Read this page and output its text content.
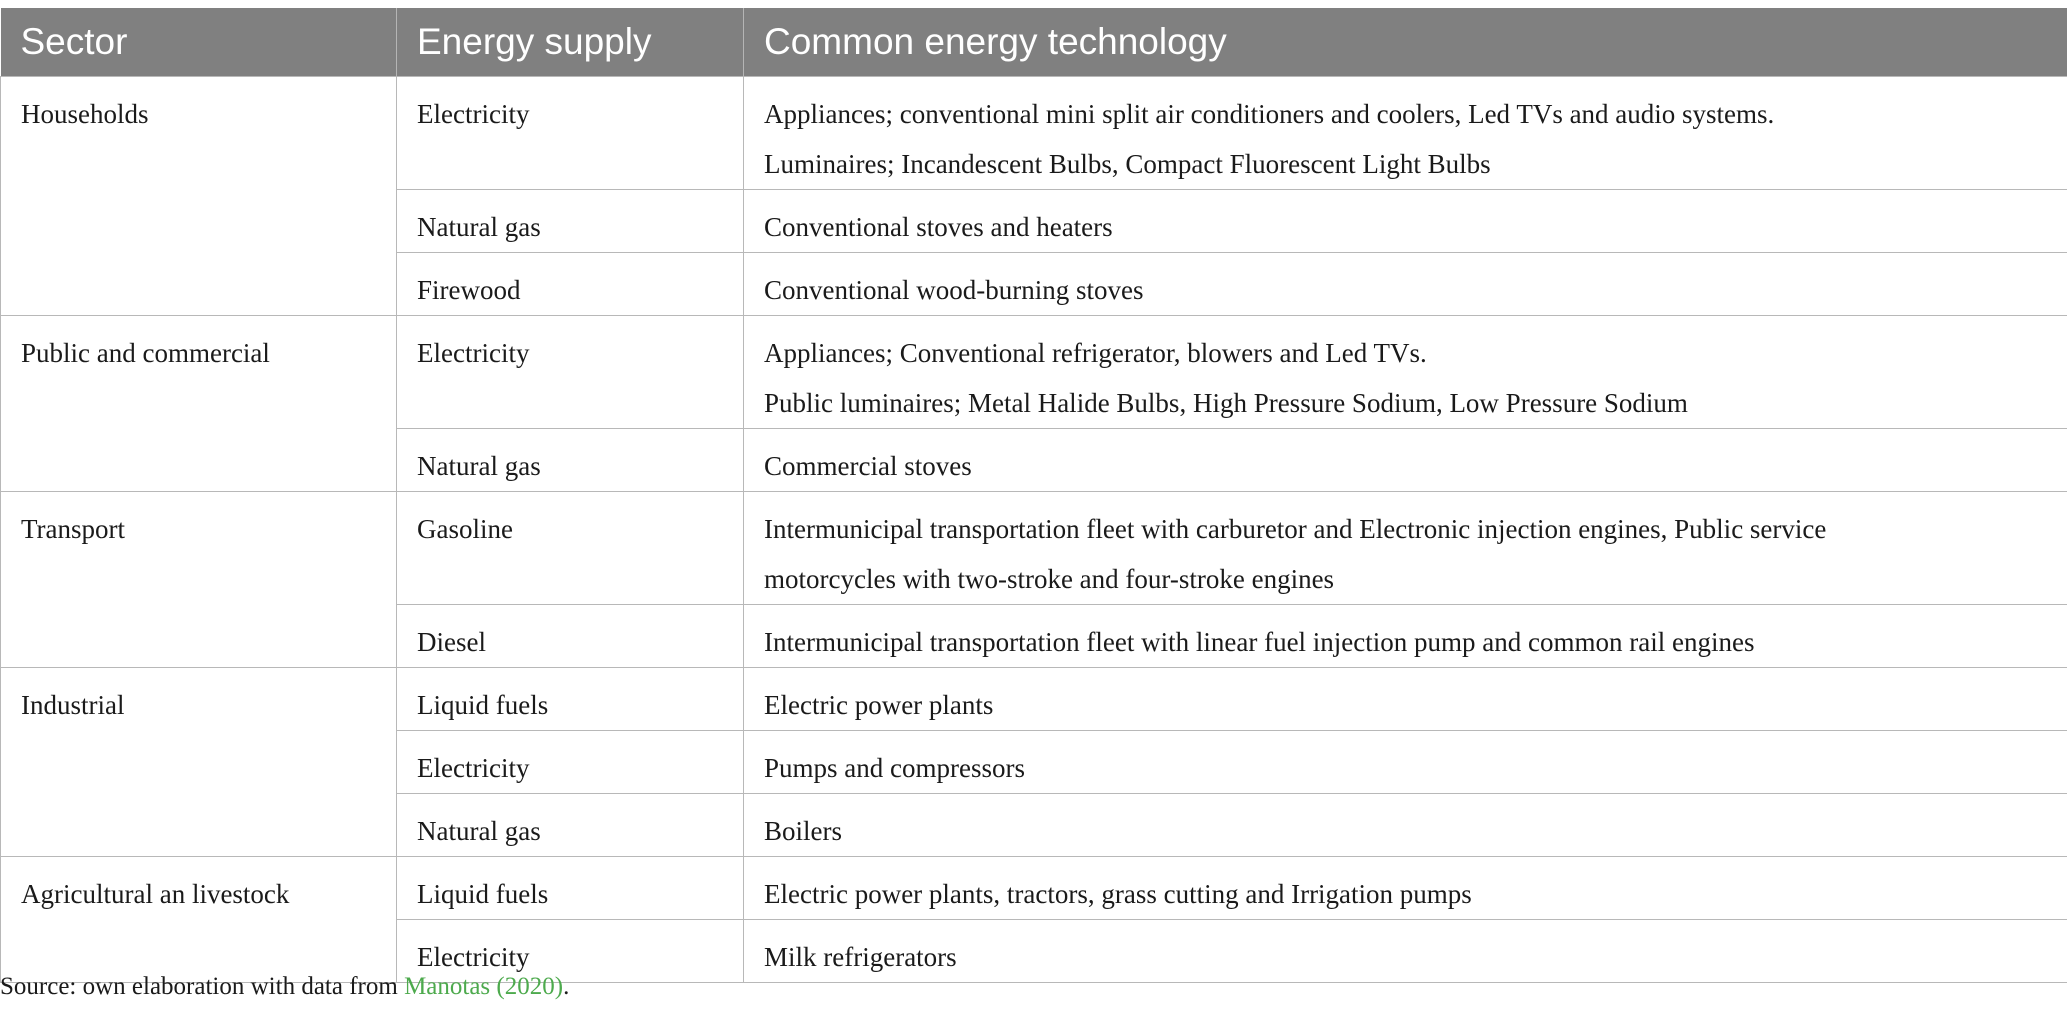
Sector	Energy supply	Common energy technology
Households	Electricity	Appliances; conventional mini split air conditioners and coolers, Led TVs and audio systems.
Luminaires; Incandescent Bulbs, Compact Fluorescent Light Bulbs

	Natural gas	Conventional stoves and heaters

	Firewood	Conventional wood-burning stoves

Public and commercial	Electricity	Appliances; Conventional refrigerator, blowers and Led TVs.
Public luminaires; Metal Halide Bulbs, High Pressure Sodium, Low Pressure Sodium

	Natural gas	Commercial stoves

Transport	Gasoline	Intermunicipal transportation fleet with carburetor and Electronic injection engines, Public service
motorcycles with two-stroke and four-stroke engines

	Diesel	Intermunicipal transportation fleet with linear fuel injection pump and common rail engines

Industrial	Liquid fuels	Electric power plants

	Electricity	Pumps and compressors

	Natural gas	Boilers

Agricultural an livestock	Liquid fuels	Electric power plants, tractors, grass cutting and Irrigation pumps

	Electricity	Milk refrigerators
Source: own elaboration with data from Manotas (2020).
